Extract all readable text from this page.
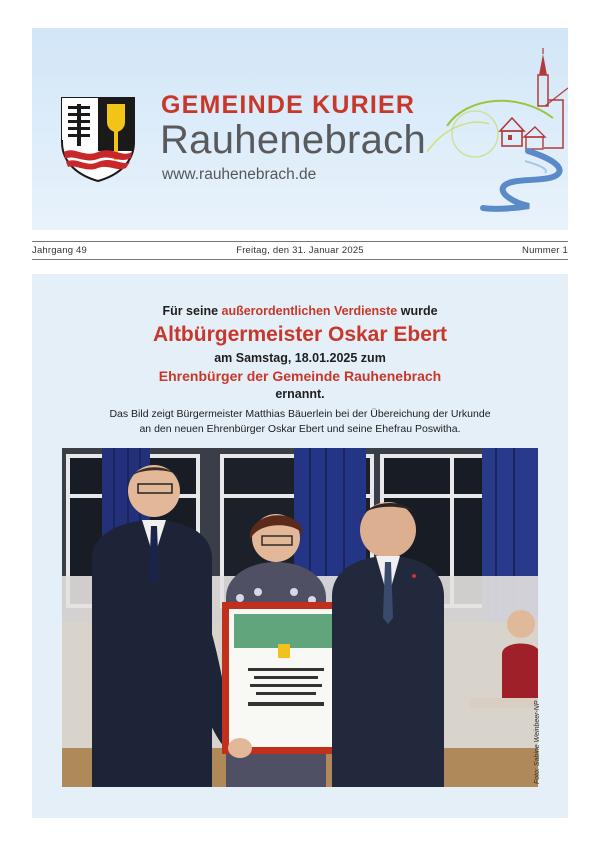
GEMEINDE KURIER
Rauhenebrach
www.rauhenebrach.de
Jahrgang 49	Freitag, den 31. Januar 2025	Nummer 1
Für seine außerordentlichen Verdienste wurde
Altbürgermeister Oskar Ebert
am Samstag, 18.01.2025 zum
Ehrenbürger der Gemeinde Rauhenebrach
ernannt.
Das Bild zeigt Bürgermeister Matthias Bäuerlein bei der Übereichung der Urkunde
an den neuen Ehrenbürger Oskar Ebert und seine Ehefrau Poswitha.
Foto: Sabine Weinbeer-NP
